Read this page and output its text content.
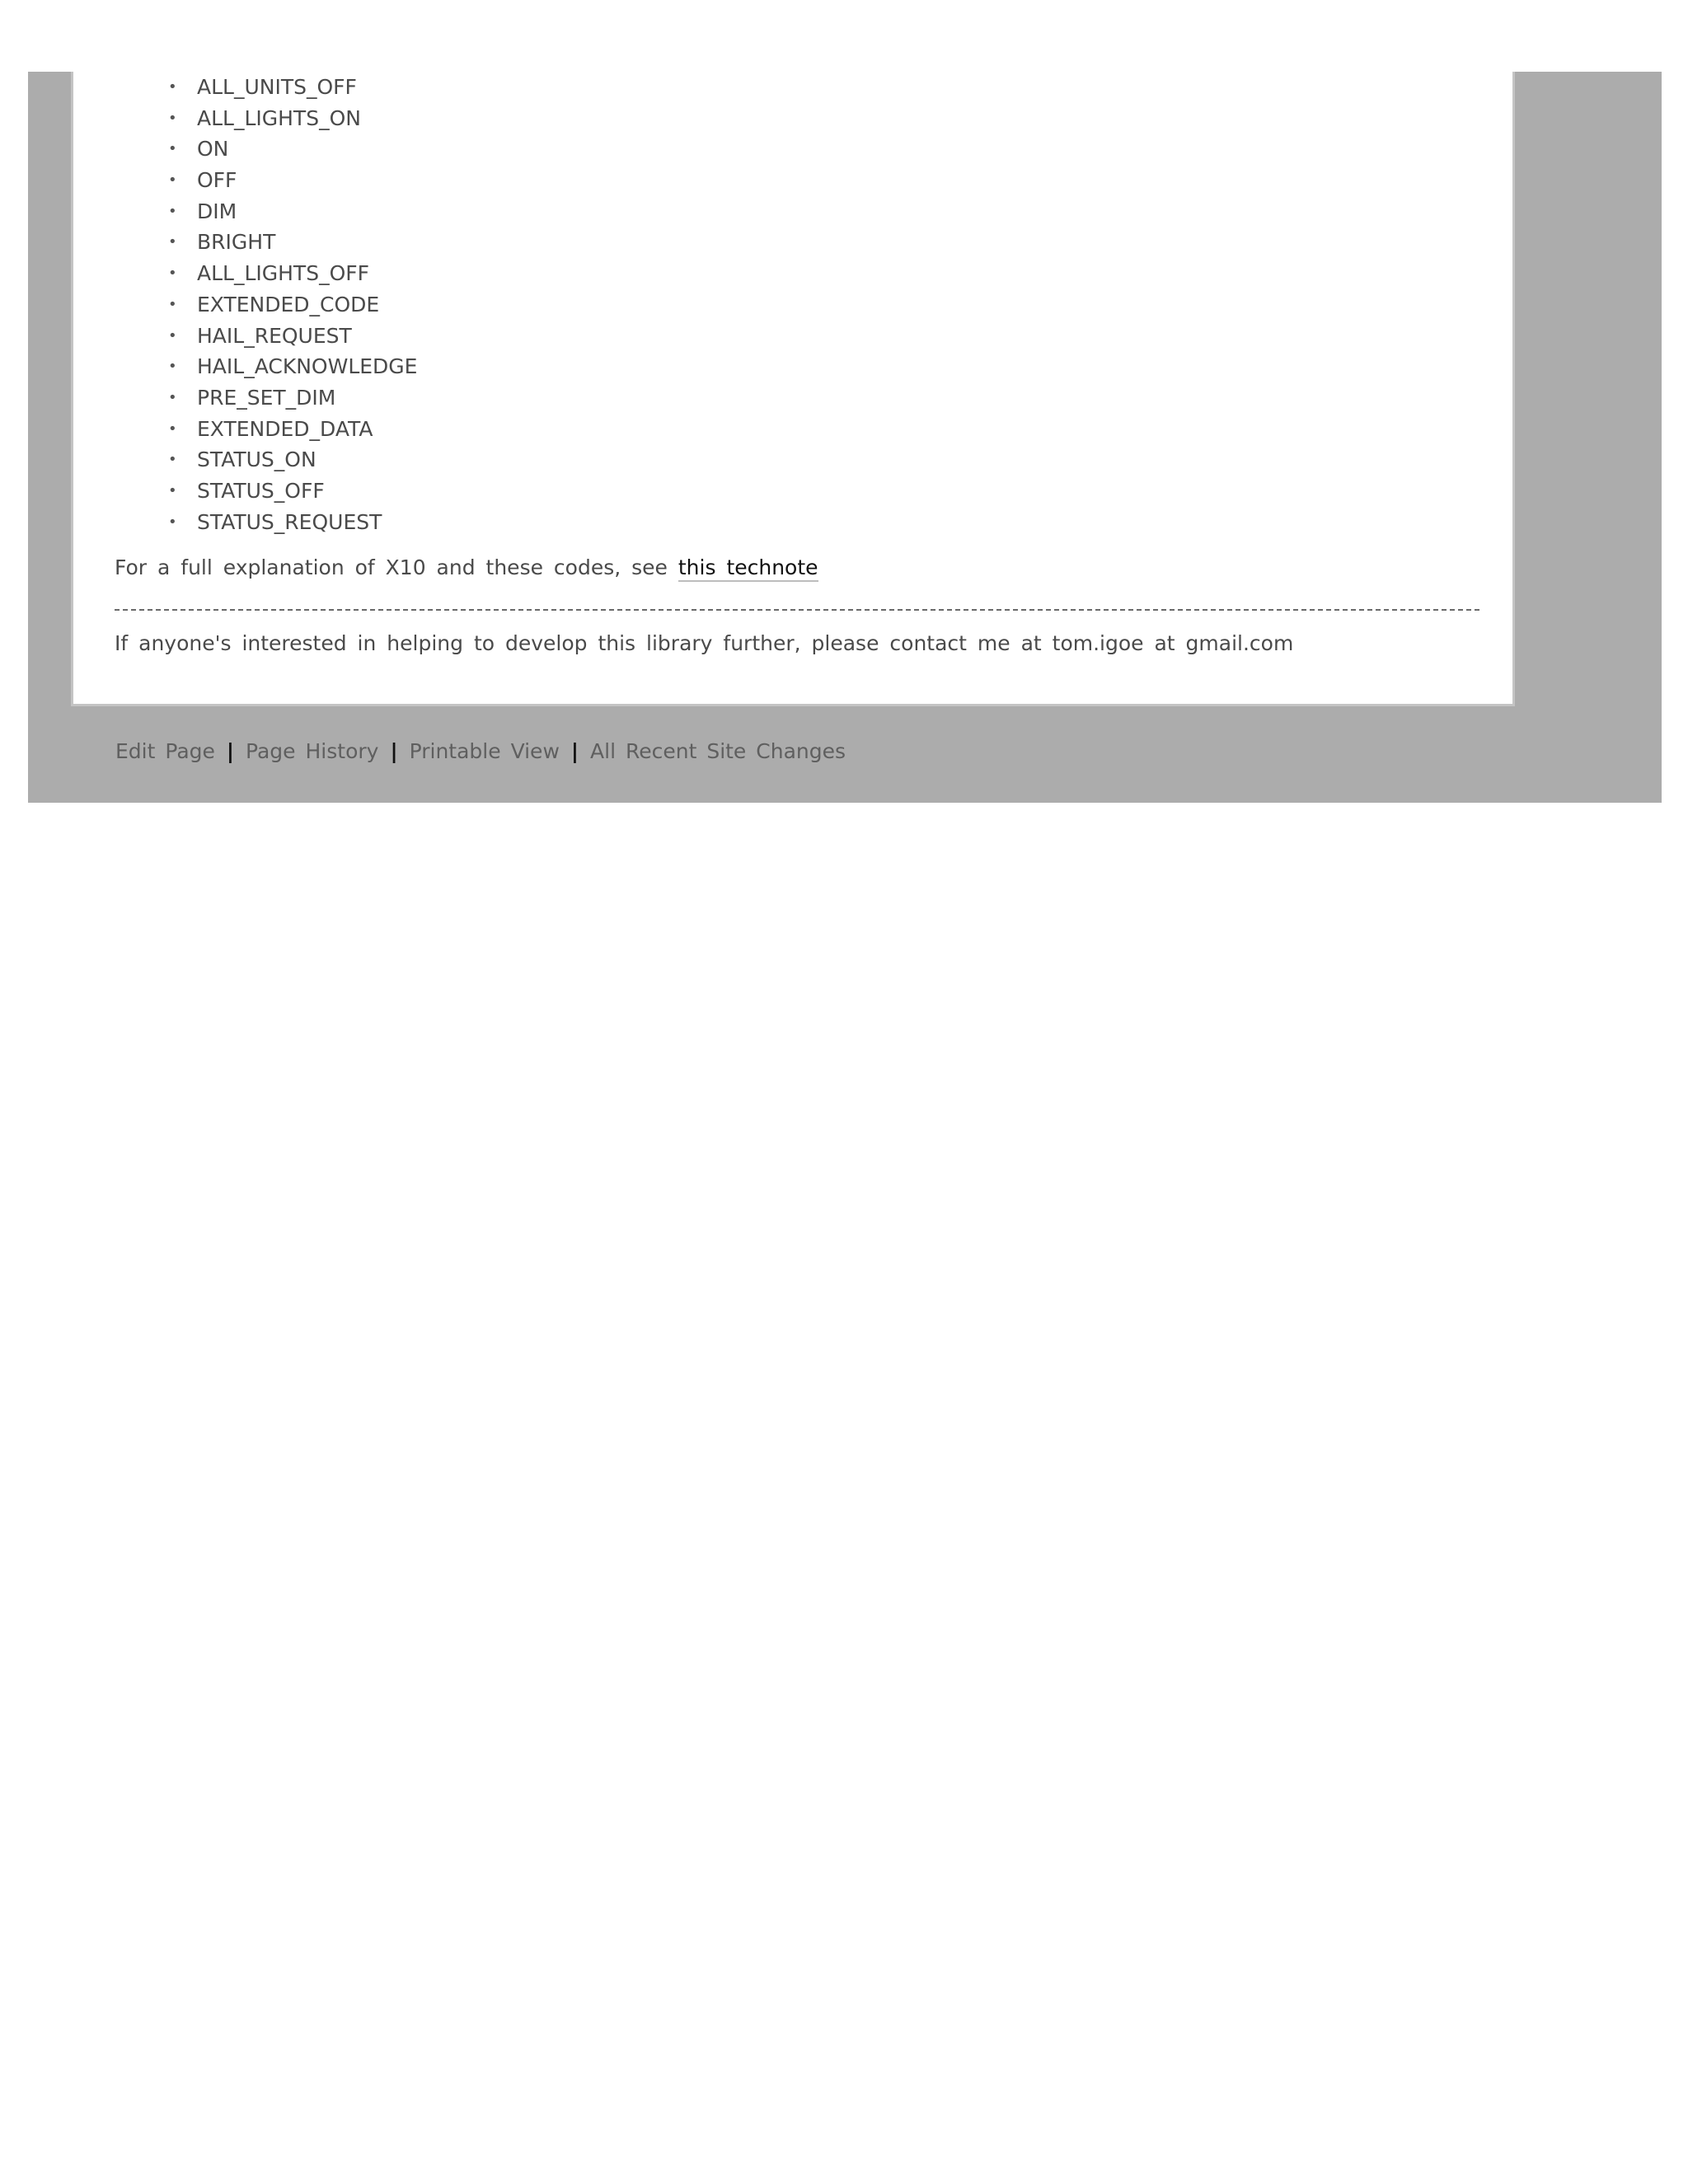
• ALL_UNITS_OFF
• ALL_LIGHTS_ON
• ON
• OFF
• DIM
• BRIGHT
• ALL_LIGHTS_OFF
• EXTENDED_CODE
• HAIL_REQUEST
• HAIL_ACKNOWLEDGE
• PRE_SET_DIM
• EXTENDED_DATA
• STATUS_ON
• STATUS_OFF
• STATUS_REQUEST
For a full explanation of X10 and these codes, see this technote
If anyone's interested in helping to develop this library further, please contact me at tom.igoe at gmail.com
Edit Page | Page History | Printable View | All Recent Site Changes
